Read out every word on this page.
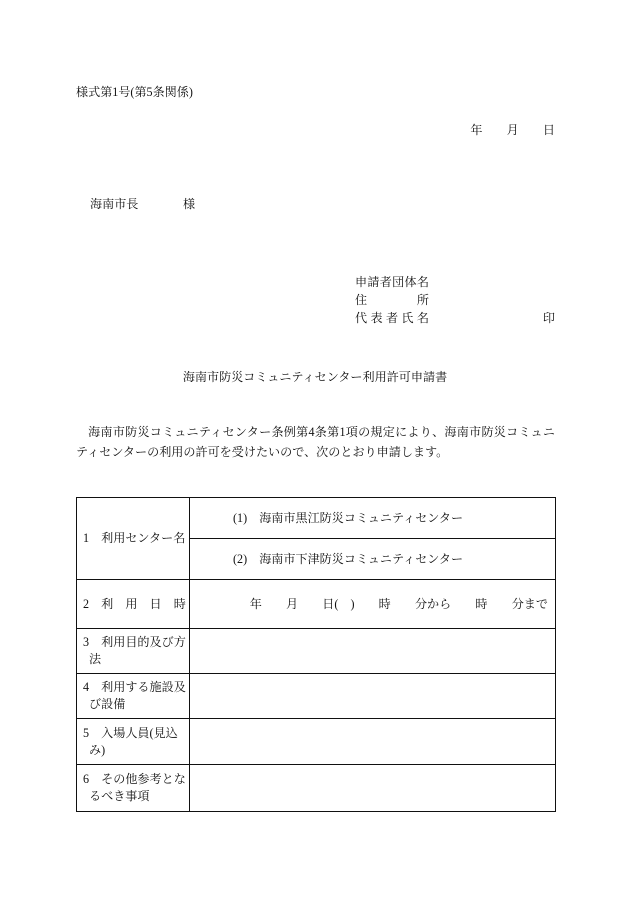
様式第1号(第5条関係)
年　　月　　日
海南市長	様
申請者団体名
住　　　　所
代 表 者 氏 名	印
海南市防災コミュニティセンター利用許可申請書

海南市防災コミュニティセンター条例第4条第1項の規定により、海南市防災コミュニティセンターの利用の許可を受けたいので、次のとおり申請します。

1　利用センター名	(1)　海南市黒江防災コミュニティセンター
	(2)　海南市下津防災コミュニティセンター

2　利　用　日　時	年　　月　　日(　)　　時　　分から　　時　　分まで

3　利用目的及び方法	

4　利用する施設及び設備	

5　入場人員(見込み)	

6　その他参考となるべき事項	
